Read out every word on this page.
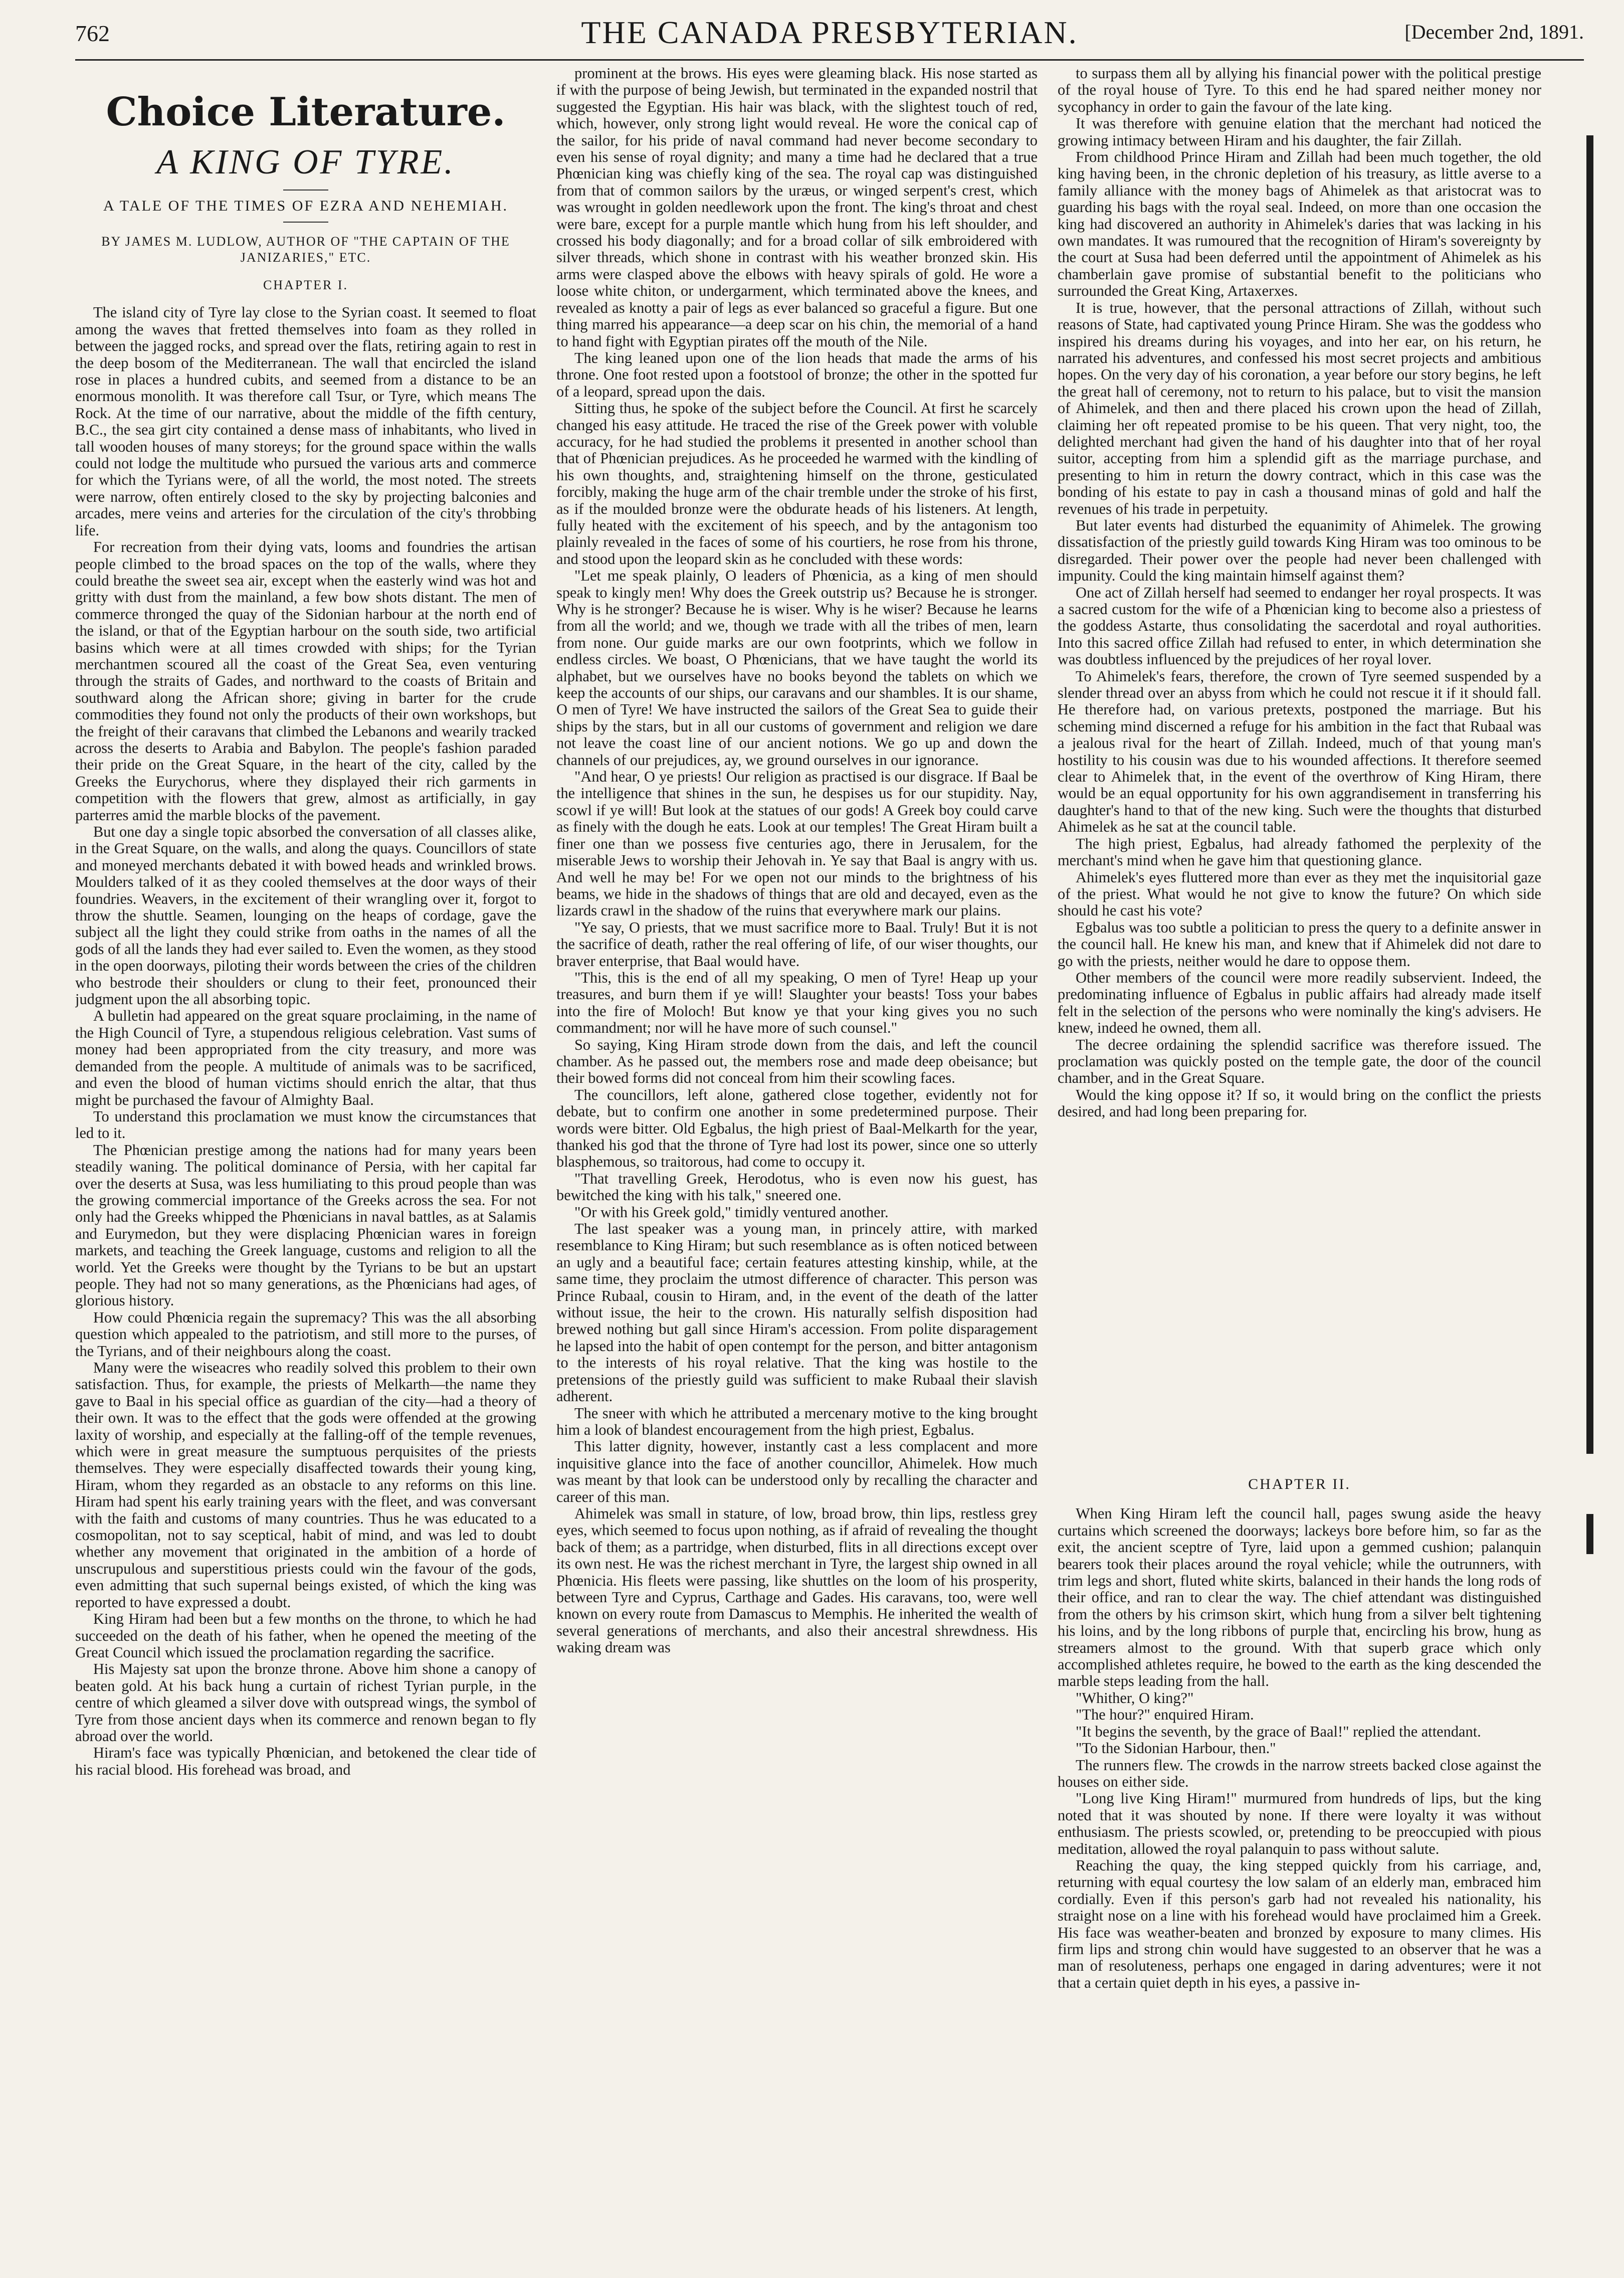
762	THE CANADA PRESBYTERIAN.	[December 2nd, 1891.
Choice Literature.
A KING OF TYRE.
A TALE OF THE TIMES OF EZRA AND NEHEMIAH.
BY JAMES M. LUDLOW, AUTHOR OF "THE CAPTAIN OF THE JANIZARIES," ETC.
CHAPTER I.

The island city of Tyre lay close to the Syrian coast. It seemed to float among the waves that fretted themselves into foam as they rolled in between the jagged rocks, and spread over the flats, retiring again to rest in the deep bosom of the Mediterranean. The wall that encircled the island rose in places a hundred cubits, and seemed from a distance to be an enormous monolith. It was therefore call Tsur, or Tyre, which means The Rock. At the time of our narrative, about the middle of the fifth century, B.C., the sea girt city contained a dense mass of inhabitants, who lived in tall wooden houses of many storeys; for the ground space within the walls could not lodge the multitude who pursued the various arts and commerce for which the Tyrians were, of all the world, the most noted. The streets were narrow, often entirely closed to the sky by projecting balconies and arcades, mere veins and arteries for the circulation of the city's throbbing life.

For recreation from their dying vats, looms and foundries the artisan people climbed to the broad spaces on the top of the walls, where they could breathe the sweet sea air, except when the easterly wind was hot and gritty with dust from the mainland, a few bow shots distant. The men of commerce thronged the quay of the Sidonian harbour at the north end of the island, or that of the Egyptian harbour on the south side, two artificial basins which were at all times crowded with ships; for the Tyrian merchantmen scoured all the coast of the Great Sea, even venturing through the straits of Gades, and northward to the coasts of Britain and southward along the African shore; giving in barter for the crude commodities they found not only the products of their own workshops, but the freight of their caravans that climbed the Lebanons and wearily tracked across the deserts to Arabia and Babylon. The people's fashion paraded their pride on the Great Square, in the heart of the city, called by the Greeks the Eurychorus, where they displayed their rich garments in competition with the flowers that grew, almost as artificially, in gay parterres amid the marble blocks of the pavement.

But one day a single topic absorbed the conversation of all classes alike, in the Great Square, on the walls, and along the quays. Councillors of state and moneyed merchants debated it with bowed heads and wrinkled brows. Moulders talked of it as they cooled themselves at the door ways of their foundries. Weavers, in the excitement of their wrangling over it, forgot to throw the shuttle. Seamen, lounging on the heaps of cordage, gave the subject all the light they could strike from oaths in the names of all the gods of all the lands they had ever sailed to. Even the women, as they stood in the open doorways, piloting their words between the cries of the children who bestrode their shoulders or clung to their feet, pronounced their judgment upon the all absorbing topic.

A bulletin had appeared on the great square proclaiming, in the name of the High Council of Tyre, a stupendous religious celebration. Vast sums of money had been appropriated from the city treasury, and more was demanded from the people. A multitude of animals was to be sacrificed, and even the blood of human victims should enrich the altar, that thus might be purchased the favour of Almighty Baal.

To understand this proclamation we must know the circumstances that led to it.

The Phœnician prestige among the nations had for many years been steadily waning. The political dominance of Persia, with her capital far over the deserts at Susa, was less humiliating to this proud people than was the growing commercial importance of the Greeks across the sea. For not only had the Greeks whipped the Phœnicians in naval battles, as at Salamis and Eurymedon, but they were displacing Phœnician wares in foreign markets, and teaching the Greek language, customs and religion to all the world. Yet the Greeks were thought by the Tyrians to be but an upstart people. They had not so many generations, as the Phœnicians had ages, of glorious history.

How could Phœnicia regain the supremacy? This was the all absorbing question which appealed to the patriotism, and still more to the purses, of the Tyrians, and of their neighbours along the coast.

Many were the wiseacres who readily solved this problem to their own satisfaction. Thus, for example, the priests of Melkarth—the name they gave to Baal in his special office as guardian of the city—had a theory of their own. It was to the effect that the gods were offended at the growing laxity of worship, and especially at the falling-off of the temple revenues, which were in great measure the sumptuous perquisites of the priests themselves. They were especially disaffected towards their young king, Hiram, whom they regarded as an obstacle to any reforms on this line. Hiram had spent his early training years with the fleet, and was conversant with the faith and customs of many countries. Thus he was educated to a cosmopolitan, not to say sceptical, habit of mind, and was led to doubt whether any movement that originated in the ambition of a horde of unscrupulous and superstitious priests could win the favour of the gods, even admitting that such supernal beings existed, of which the king was reported to have expressed a doubt.

King Hiram had been but a few months on the throne, to which he had succeeded on the death of his father, when he opened the meeting of the Great Council which issued the proclamation regarding the sacrifice.

His Majesty sat upon the bronze throne. Above him shone a canopy of beaten gold. At his back hung a curtain of richest Tyrian purple, in the centre of which gleamed a silver dove with outspread wings, the symbol of Tyre from those ancient days when its commerce and renown began to fly abroad over the world.

Hiram's face was typically Phœnician, and betokened the clear tide of his racial blood. His forehead was broad, and

prominent at the brows. His eyes were gleaming black. His nose started as if with the purpose of being Jewish, but terminated in the expanded nostril that suggested the Egyptian. His hair was black, with the slightest touch of red, which, however, only strong light would reveal. He wore the conical cap of the sailor, for his pride of naval command had never become secondary to even his sense of royal dignity; and many a time had he declared that a true Phœnician king was chiefly king of the sea. The royal cap was distinguished from that of common sailors by the uræus, or winged serpent's crest, which was wrought in golden needlework upon the front. The king's throat and chest were bare, except for a purple mantle which hung from his left shoulder, and crossed his body diagonally; and for a broad collar of silk embroidered with silver threads, which shone in contrast with his weather bronzed skin. His arms were clasped above the elbows with heavy spirals of gold. He wore a loose white chiton, or undergarment, which terminated above the knees, and revealed as knotty a pair of legs as ever balanced so graceful a figure. But one thing marred his appearance—a deep scar on his chin, the memorial of a hand to hand fight with Egyptian pirates off the mouth of the Nile.

The king leaned upon one of the lion heads that made the arms of his throne. One foot rested upon a footstool of bronze; the other in the spotted fur of a leopard, spread upon the dais.

Sitting thus, he spoke of the subject before the Council. At first he scarcely changed his easy attitude. He traced the rise of the Greek power with voluble accuracy, for he had studied the problems it presented in another school than that of Phœnician prejudices. As he proceeded he warmed with the kindling of his own thoughts, and, straightening himself on the throne, gesticulated forcibly, making the huge arm of the chair tremble under the stroke of his first, as if the moulded bronze were the obdurate heads of his listeners. At length, fully heated with the excitement of his speech, and by the antagonism too plainly revealed in the faces of some of his courtiers, he rose from his throne, and stood upon the leopard skin as he concluded with these words:

"Let me speak plainly, O leaders of Phœnicia, as a king of men should speak to kingly men! Why does the Greek outstrip us? Because he is stronger. Why is he stronger? Because he is wiser. Why is he wiser? Because he learns from all the world; and we, though we trade with all the tribes of men, learn from none. Our guide marks are our own footprints, which we follow in endless circles. We boast, O Phœnicians, that we have taught the world its alphabet, but we ourselves have no books beyond the tablets on which we keep the accounts of our ships, our caravans and our shambles. It is our shame, O men of Tyre! We have instructed the sailors of the Great Sea to guide their ships by the stars, but in all our customs of government and religion we dare not leave the coast line of our ancient notions. We go up and down the channels of our prejudices, ay, we ground ourselves in our ignorance.

"And hear, O ye priests! Our religion as practised is our disgrace. If Baal be the intelligence that shines in the sun, he despises us for our stupidity. Nay, scowl if ye will! But look at the statues of our gods! A Greek boy could carve as finely with the dough he eats. Look at our temples! The Great Hiram built a finer one than we possess five centuries ago, there in Jerusalem, for the miserable Jews to worship their Jehovah in. Ye say that Baal is angry with us. And well he may be! For we open not our minds to the brightness of his beams, we hide in the shadows of things that are old and decayed, even as the lizards crawl in the shadow of the ruins that everywhere mark our plains.

"Ye say, O priests, that we must sacrifice more to Baal. Truly! But it is not the sacrifice of death, rather the real offering of life, of our wiser thoughts, our braver enterprise, that Baal would have.

"This, this is the end of all my speaking, O men of Tyre! Heap up your treasures, and burn them if ye will! Slaughter your beasts! Toss your babes into the fire of Moloch! But know ye that your king gives you no such commandment; nor will he have more of such counsel."

So saying, King Hiram strode down from the dais, and left the council chamber. As he passed out, the members rose and made deep obeisance; but their bowed forms did not conceal from him their scowling faces.

The councillors, left alone, gathered close together, evidently not for debate, but to confirm one another in some predetermined purpose. Their words were bitter. Old Egbalus, the high priest of Baal-Melkarth for the year, thanked his god that the throne of Tyre had lost its power, since one so utterly blasphemous, so traitorous, had come to occupy it.

"That travelling Greek, Herodotus, who is even now his guest, has bewitched the king with his talk," sneered one.

"Or with his Greek gold," timidly ventured another.

The last speaker was a young man, in princely attire, with marked resemblance to King Hiram; but such resemblance as is often noticed between an ugly and a beautiful face; certain features attesting kinship, while, at the same time, they proclaim the utmost difference of character. This person was Prince Rubaal, cousin to Hiram, and, in the event of the death of the latter without issue, the heir to the crown. His naturally selfish disposition had brewed nothing but gall since Hiram's accession. From polite disparagement he lapsed into the habit of open contempt for the person, and bitter antagonism to the interests of his royal relative. That the king was hostile to the pretensions of the priestly guild was sufficient to make Rubaal their slavish adherent.

The sneer with which he attributed a mercenary motive to the king brought him a look of blandest encouragement from the high priest, Egbalus.

This latter dignity, however, instantly cast a less complacent and more inquisitive glance into the face of another councillor, Ahimelek. How much was meant by that look can be understood only by recalling the character and career of this man.

Ahimelek was small in stature, of low, broad brow, thin lips, restless grey eyes, which seemed to focus upon nothing, as if afraid of revealing the thought back of them; as a partridge, when disturbed, flits in all directions except over its own nest. He was the richest merchant in Tyre, the largest ship owned in all Phœnicia. His fleets were passing, like shuttles on the loom of his prosperity, between Tyre and Cyprus, Carthage and Gades. His caravans, too, were well known on every route from Damascus to Memphis. He inherited the wealth of several generations of merchants, and also their ancestral shrewdness. His waking dream was

to surpass them all by allying his financial power with the political prestige of the royal house of Tyre. To this end he had spared neither money nor sycophancy in order to gain the favour of the late king.

It was therefore with genuine elation that the merchant had noticed the growing intimacy between Hiram and his daughter, the fair Zillah.

From childhood Prince Hiram and Zillah had been much together, the old king having been, in the chronic depletion of his treasury, as little averse to a family alliance with the money bags of Ahimelek as that aristocrat was to guarding his bags with the royal seal. Indeed, on more than one occasion the king had discovered an authority in Ahimelek's daries that was lacking in his own mandates. It was rumoured that the recognition of Hiram's sovereignty by the court at Susa had been deferred until the appointment of Ahimelek as his chamberlain gave promise of substantial benefit to the politicians who surrounded the Great King, Artaxerxes.

It is true, however, that the personal attractions of Zillah, without such reasons of State, had captivated young Prince Hiram. She was the goddess who inspired his dreams during his voyages, and into her ear, on his return, he narrated his adventures, and confessed his most secret projects and ambitious hopes. On the very day of his coronation, a year before our story begins, he left the great hall of ceremony, not to return to his palace, but to visit the mansion of Ahimelek, and then and there placed his crown upon the head of Zillah, claiming her oft repeated promise to be his queen. That very night, too, the delighted merchant had given the hand of his daughter into that of her royal suitor, accepting from him a splendid gift as the marriage purchase, and presenting to him in return the dowry contract, which in this case was the bonding of his estate to pay in cash a thousand minas of gold and half the revenues of his trade in perpetuity.

But later events had disturbed the equanimity of Ahimelek. The growing dissatisfaction of the priestly guild towards King Hiram was too ominous to be disregarded. Their power over the people had never been challenged with impunity. Could the king maintain himself against them?

One act of Zillah herself had seemed to endanger her royal prospects. It was a sacred custom for the wife of a Phœnician king to become also a priestess of the goddess Astarte, thus consolidating the sacerdotal and royal authorities. Into this sacred office Zillah had refused to enter, in which determination she was doubtless influenced by the prejudices of her royal lover.

To Ahimelek's fears, therefore, the crown of Tyre seemed suspended by a slender thread over an abyss from which he could not rescue it if it should fall. He therefore had, on various pretexts, postponed the marriage. But his scheming mind discerned a refuge for his ambition in the fact that Rubaal was a jealous rival for the heart of Zillah. Indeed, much of that young man's hostility to his cousin was due to his wounded affections. It therefore seemed clear to Ahimelek that, in the event of the overthrow of King Hiram, there would be an equal opportunity for his own aggrandisement in transferring his daughter's hand to that of the new king. Such were the thoughts that disturbed Ahimelek as he sat at the council table.

The high priest, Egbalus, had already fathomed the perplexity of the merchant's mind when he gave him that questioning glance.

Ahimelek's eyes fluttered more than ever as they met the inquisitorial gaze of the priest. What would he not give to know the future? On which side should he cast his vote?

Egbalus was too subtle a politician to press the query to a definite answer in the council hall. He knew his man, and knew that if Ahimelek did not dare to go with the priests, neither would he dare to oppose them.

Other members of the council were more readily subservient. Indeed, the predominating influence of Egbalus in public affairs had already made itself felt in the selection of the persons who were nominally the king's advisers. He knew, indeed he owned, them all.

The decree ordaining the splendid sacrifice was therefore issued. The proclamation was quickly posted on the temple gate, the door of the council chamber, and in the Great Square.

Would the king oppose it? If so, it would bring on the conflict the priests desired, and had long been preparing for.

CHAPTER II.

When King Hiram left the council hall, pages swung aside the heavy curtains which screened the doorways; lackeys bore before him, so far as the exit, the ancient sceptre of Tyre, laid upon a gemmed cushion; palanquin bearers took their places around the royal vehicle; while the outrunners, with trim legs and short, fluted white skirts, balanced in their hands the long rods of their office, and ran to clear the way. The chief attendant was distinguished from the others by his crimson skirt, which hung from a silver belt tightening his loins, and by the long ribbons of purple that, encircling his brow, hung as streamers almost to the ground. With that superb grace which only accomplished athletes require, he bowed to the earth as the king descended the marble steps leading from the hall.

"Whither, O king?"

"The hour?" enquired Hiram.

"It begins the seventh, by the grace of Baal!" replied the attendant.

"To the Sidonian Harbour, then."

The runners flew. The crowds in the narrow streets backed close against the houses on either side.

"Long live King Hiram!" murmured from hundreds of lips, but the king noted that it was shouted by none. If there were loyalty it was without enthusiasm. The priests scowled, or, pretending to be preoccupied with pious meditation, allowed the royal palanquin to pass without salute.

Reaching the quay, the king stepped quickly from his carriage, and, returning with equal courtesy the low salam of an elderly man, embraced him cordially. Even if this person's garb had not revealed his nationality, his straight nose on a line with his forehead would have proclaimed him a Greek. His face was weather-beaten and bronzed by exposure to many climes. His firm lips and strong chin would have suggested to an observer that he was a man of resoluteness, perhaps one engaged in daring adventures; were it not that a certain quiet depth in his eyes, a passive in-
